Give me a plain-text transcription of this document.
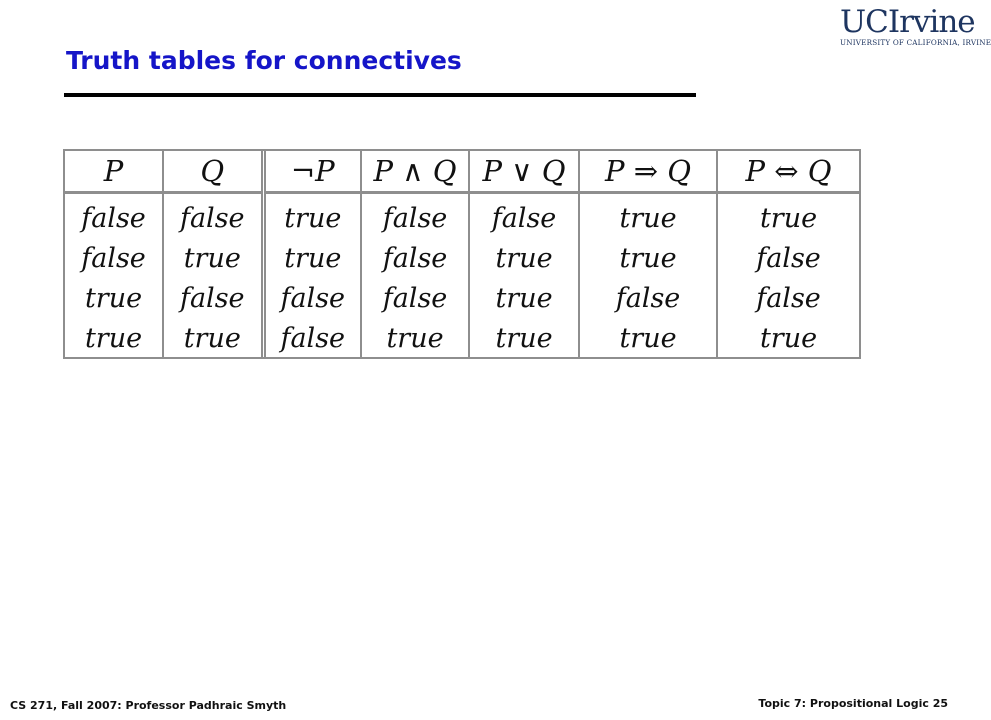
UCIrvine
UNIVERSITY OF CALIFORNIA, IRVINE
Truth tables for connectives
P	Q	¬P	P ∧ Q	P ∨ Q	P ⇒ Q	P ⇔ Q
false	false	true	false	false	true	true
false	true	true	false	true	true	false
true	false	false	false	true	false	false
true	true	false	true	true	true	true
CS 271, Fall 2007: Professor Padhraic Smyth	Topic 7: Propositional Logic 25
